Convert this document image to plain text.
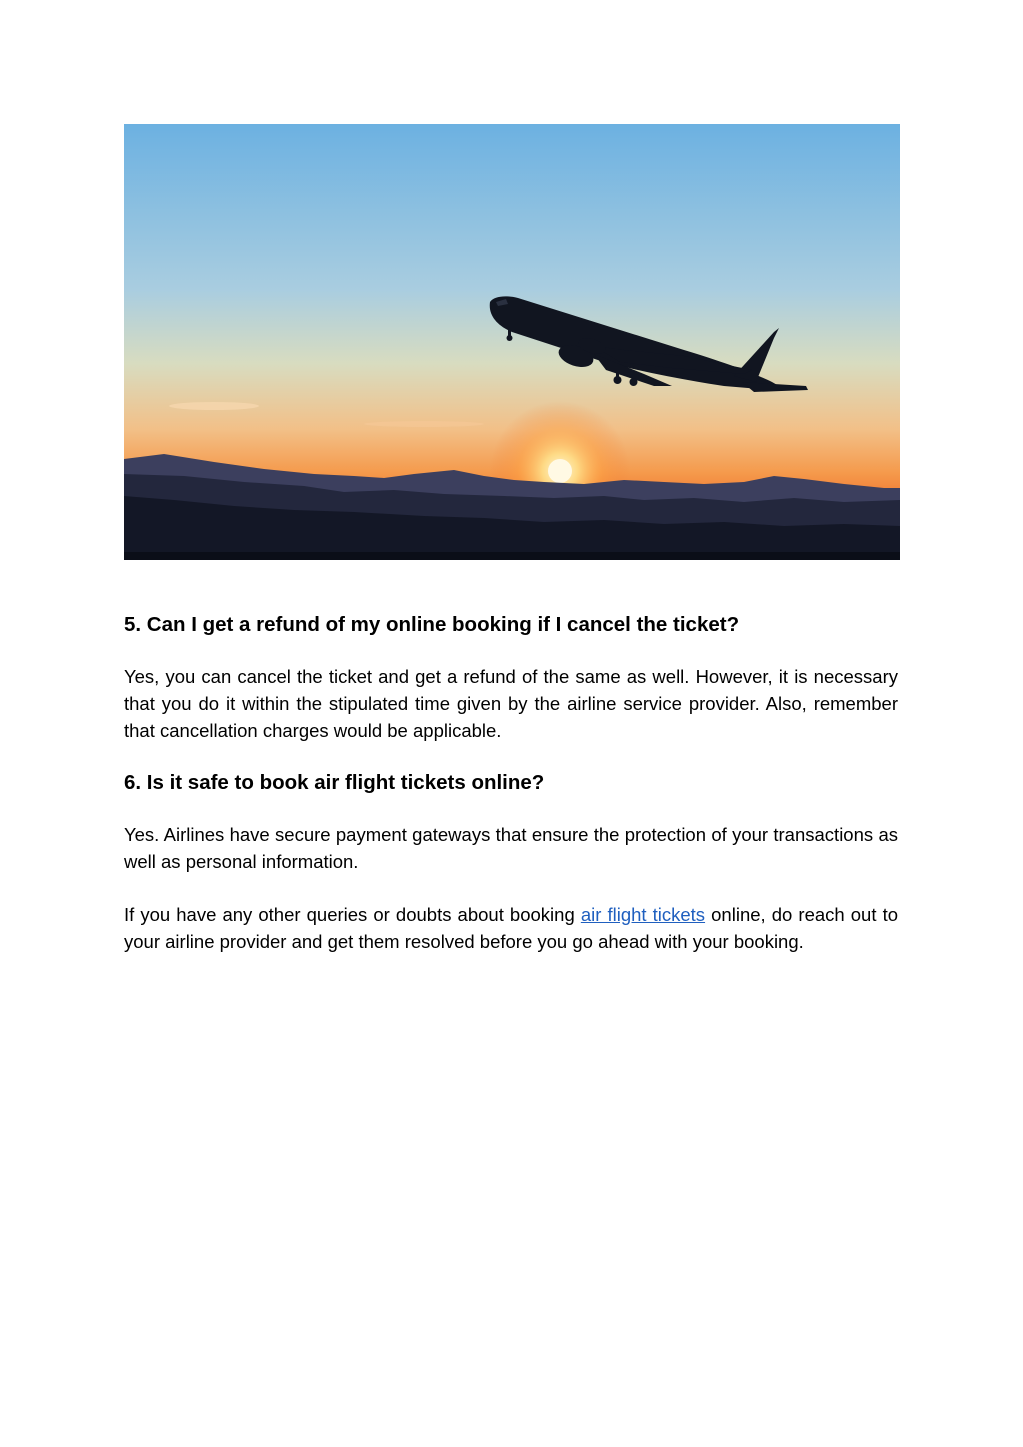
5. Can I get a refund of my online booking if I cancel the ticket?

Yes, you can cancel the ticket and get a refund of the same as well. However, it is necessary that you do it within the stipulated time given by the airline service provider. Also, remember that cancellation charges would be applicable.

6. Is it safe to book air flight tickets online?

Yes. Airlines have secure payment gateways that ensure the protection of your transactions as well as personal information.

If you have any other queries or doubts about booking air flight tickets online, do reach out to your airline provider and get them resolved before you go ahead with your booking.
